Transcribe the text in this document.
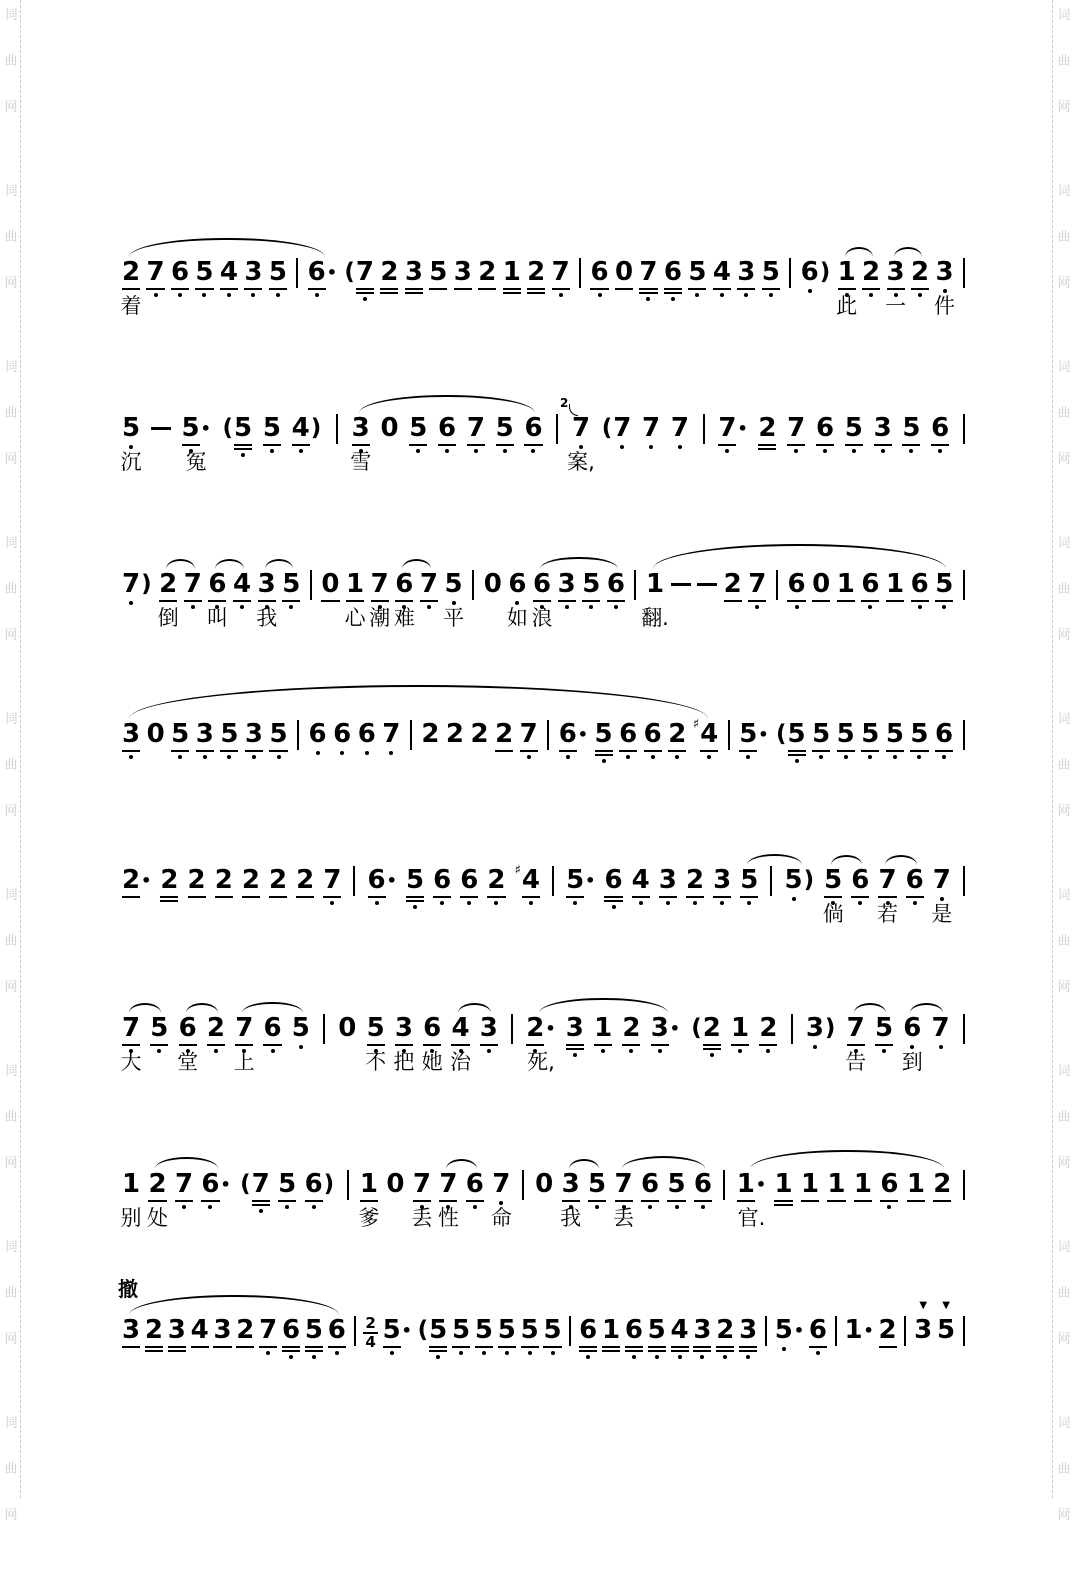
词
曲
网
词
曲
网
词
曲
网
词
曲
网
词
曲
网
词
曲
网
词
曲
网
词
曲
网
词
曲
网
词
曲
网
词
曲
网
词
曲
网
词
曲
网
词
曲
网
词
曲
网
词
曲
网
词
曲
网
词
曲
网
2
着
7 6 5 4 3 5 6 • ( 7 2 3 5 3 2 1 2 7 6 0 7 6 5 4 3 5 6 ) 1
此
2 3
一
2 3
件
5
沉
5 •
冤
( 5 5 4 ) 3
雪
0 5 6 7 5 6
2
7
案,
( 7 7 7 7 • 2 7 6 5 3 5 6
7 ) 2
倒
7 6
叫
4 3
我
5 0 1
心
7
潮
6
难
7 5
平
0 6
如
6
浪
3 5 6 1
翻.
2 7 6 0 1 6 1 6 5
3 0 5 3 5 3 5 6 6 6 7 2 2 2 2 7 6 • 5 6 6 2 ♯ 4 5 • ( 5 5 5 5 5 5 6
2 • 2 2 2 2 2 2 7 6 • 5 6 6 2 ♯ 4 5 • 6 4 3 2 3 5 5 ) 5
倘
6 7
若
6 7
是
7
大
5 6
堂
2 7
上
6 5 0 5
不
3
把
6
她
4
治
3 2 •
死,
3 1 2 3 • ( 2 1 2 3 ) 7
告
5 6
到
7
1
别
2
处
7 6 • ( 7 5 6 ) 1
爹
0 7
丢
7
性
6 7
命
0 3
我
5 7
丢
6 5 6 1 •
官.
1 1 1 1 6 1 2
撤
3 2 3 4 3 2 7 6 5 $6 \frac{2}{4} 5$ • ( 5 5 5 5 5 5 6 1 6 5 4 3 2 3 5 • 6 1 • 2
▼
3
▼
5
